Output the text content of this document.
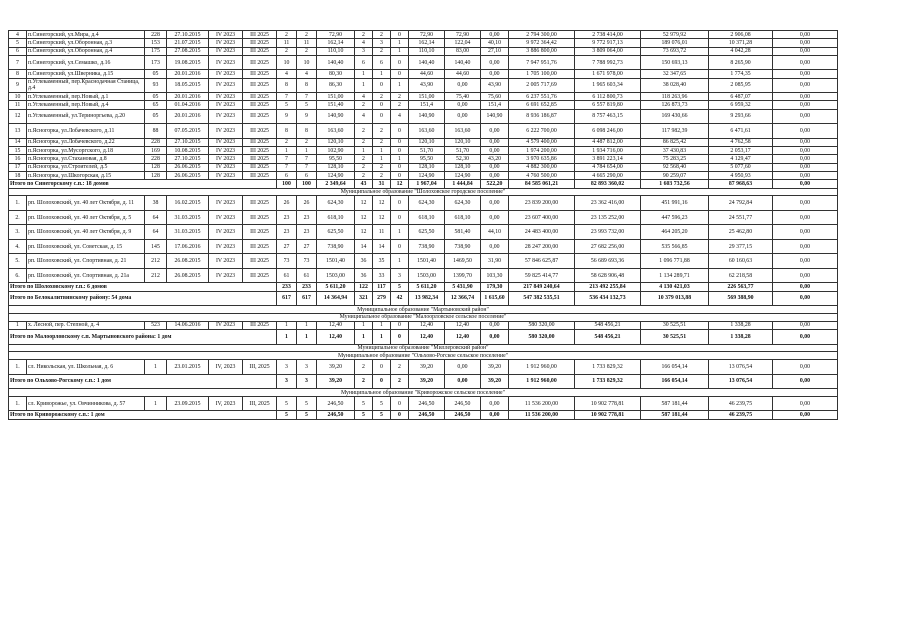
4	п.Синегорский, ул.Мира, д.4	228	27.10.2015	IV 2023	III 2025	2	2	72,90	2	2	0	72,90	72,90	0,00	2 794 300,00	2 738 414,00	52 979,92	2 906,08	0,00
5	п.Синегорский, ул.Оборонная, д.3	153	21.07.2015	IV 2023	III 2025	11	11	162,14	4	3	1	162,14	122,04	40,10	9 972 364,42	9 772 917,13	189 076,01	10 371,28	0,00
6	п.Синегорский, ул.Оборонная, д.4	175	27.08.2015	IV 2023	III 2025	2	2	110,10	3	2	1	110,10	83,00	27,10	3 886 800,00	3 809 064,00	73 693,72	4 042,28	0,00
7	п.Синегорский, ул.Семашко, д.16	173	19.08.2015	IV 2023	III 2025	10	10	140,40	6	6	0	140,40	140,40	0,00	7 947 951,76	7 788 992,73	150 693,13	8 265,90	0,00
8	п.Синегорский, ул.Шверника, д.15	05	20.01.2016	IV 2023	III 2025	4	4	80,30	1	1	0	44,60	44,60	0,00	1 705 100,00	1 671 978,00	32 347,65	1 774,35	0,00
9	п.Углекаменный, пер.Краснодачная Станица, д.4	93	18.05.2015	IV 2023	III 2025	8	8	86,30	1	0	1	43,90	0,00	43,90	2 005 717,69	1 965 603,34	38 028,40	2 085,95	0,00
10	п.Углекаменный, пер.Новый, д.1	05	20.01.2016	IV 2023	III 2025	7	7	151,00	4	2	2	151,00	75,40	75,60	6 237 551,76	6 112 800,73	118 263,96	6 487,07	0,00
11	п.Углекаменный, пер.Новый, д.4	65	01.04.2016	IV 2023	III 2025	5	5	151,40	2	0	2	151,4	0,00	151,4	6 691 652,85	6 557 819,80	126 873,73	6 959,32	0,00
12	п.Углекаменный, ул.Териноргьева, д.20	05	20.01.2016	IV 2023	III 2025	9	9	140,90	4	0	4	140,90	0,00	140,90	8 936 186,87	8 757 463,15	169 430,66	9 293,66	0,00
13	п.Ясногорка, ул.Лобачевского, д.11	88	07.05.2015	IV 2023	III 2025	8	8	163,60	2	2	0	163,60	163,60	0,00	6 222 700,00	6 098 246,00	117 982,39	6 471,61	0,00
14	п.Ясногорка, ул.Лобачевского, д.22	228	27.10.2015	IV 2023	III 2025	2	2	120,10	2	2	0	120,10	120,10	0,00	4 579 400,00	4 487 812,00	86 825,42	4 762,58	0,00
15	п.Ясногорка, ул.Мусоргского, д.18	169	10.08.2015	IV 2023	III 2025	1	1	102,90	1	1	0	51,70	51,70	0,00	1 974 200,00	1 934 716,00	37 430,83	2 053,17	0,00
16	п.Ясногорка, ул.Стахановая, д.8	228	27.10.2015	IV 2023	III 2025	7	7	95,50	2	1	1	95,50	52,30	43,20	3 970 635,86	3 891 223,14	75 283,25	4 129,47	0,00
17	п.Ясногорка, ул.Строителей, д.5	128	26.06.2015	IV 2023	III 2025	7	7	128,10	2	2	0	128,10	128,10	0,00	4 882 300,00	4 784 654,00	92 568,40	5 077,60	0,00
18	п.Ясногорка, ул.Шкогорская, д.15	128	26.06.2015	IV 2023	III 2025	6	6	124,90	2	2	0	124,90	124,90	0,00	4 760 500,00	4 665 290,00	90 259,07	4 950,93	0,00
Итого по Синегорскому с.п.: 18 домов						100	100	2 349,64	43	31	12	1 967,04	1 444,84	522,20	84 585 061,21	82 893 360,02	1 603 732,56	87 968,63	0,00
Муниципальное образование "Шолоховское городское поселение"																			
1.	рп. Шолоховский, ул. 40 лет Октября, д. 11	38	16.02.2015	IV 2023	III 2025	26	26	624,30	12	12	0	624,30	624,30	0,00	23 839 200,00	23 362 416,00	451 991,16	24 792,84	0,00
2.	рп. Шолоховский, ул. 40 лет Октября, д. 5	64	31.03.2015	IV 2023	III 2025	23	23	618,10	12	12	0	618,10	618,10	0,00	23 607 400,00	23 135 252,00	447 596,23	24 551,77	0,00
3.	рп. Шолоховский, ул. 40 лет Октября, д. 9	64	31.03.2015	IV 2023	III 2025	23	23	625,50	12	11	1	625,50	581,40	44,10	24 483 400,00	23 993 732,00	464 205,20	25 462,80	0,00
4.	рп. Шолоховский, ул. Советская, д. 15	145	17.06.2016	IV 2023	III 2025	27	27	738,90	14	14	0	738,90	738,90	0,00	28 247 200,00	27 682 256,00	535 566,85	29 377,15	0,00
5.	рп. Шолоховский, ул. Спортивная, д. 21	212	26.08.2015	IV 2023	III 2025	73	73	1501,40	36	35	1	1501,40	1469,50	31,90	57 846 625,87	56 689 693,36	1 096 771,88	60 160,63	0,00
6.	рп. Шолоховский, ул. Спортивная, д. 21а	212	26.08.2015	IV 2023	III 2025	61	61	1503,00	36	33	3	1503,00	1399,70	103,30	59 825 414,77	58 628 906,48	1 134 289,71	62 218,58	0,00
Итого по Шолоховскому г.п.: 6 домов						233	233	5 611,20	122	117	5	5 611,20	5 431,90	179,30	217 849 240,64	213 492 255,84	4 130 421,03	226 563,77	0,00
Итого по Белокалитвинскому району: 54 дома						617	617	14 364,94	321	279	42	13 982,34	12 366,74	1 615,60	547 382 535,51	536 434 132,73	10 379 013,88	569 388,90	0,00
Муниципальное образование "Мартыновский район"																			
Муниципальное образование "Малоорловское сельское поселение"																			
1	х. Лесной, пер. Степной, д. 4	523	14.06.2016	IV 2023	III 2025	1	1	12,40	1	1	0	12,40	12,40	0,00	580 320,00	548 456,21	30 525,51	1 338,28	0,00
Итого по Малоорловскому с.п. Мартыновского района: 1 дом						1	1	12,40	1	1	0	12,40	12,40	0,00	580 320,00	548 456,21	30 525,51	1 338,28	0,00
Муниципальное образование "Миллеровский район"																			
Муниципальное образование "Ольхово-Рогское сельское поселение"																			
1.	сл. Никольская, ул. Школьная, д. 6	1	23.01.2015	IV, 2023	III, 2025	3	3	39,20	2	0	2	39,20	0,00	39,20	1 912 960,00	1 733 829,32	166 054,14	13 076,54	0,00
Итого по Ольхово-Рогскому с.п.: 1 дом						3	3	39,20	2	0	2	39,20	0,00	39,20	1 912 960,00	1 733 829,32	166 054,14	13 076,54	0,00
Муниципальное образование "Криворожское сельское поселение"																			
1.	сл. Криворожье, ул. Овчинникова, д. 57	1	23.09.2015	IV, 2023	III, 2025	5	5	246,50	5	5	0	246,50	246,50	0,00	11 536 200,00	10 902 778,81	587 181,44	46 239,75	0,00
Итого по Криворожскому с.п.: 1 дом						5	5	246,50	5	5	0	246,50	246,50	0,00	11 536 200,00	10 902 778,81	587 181,44	46 239,75	0,00
